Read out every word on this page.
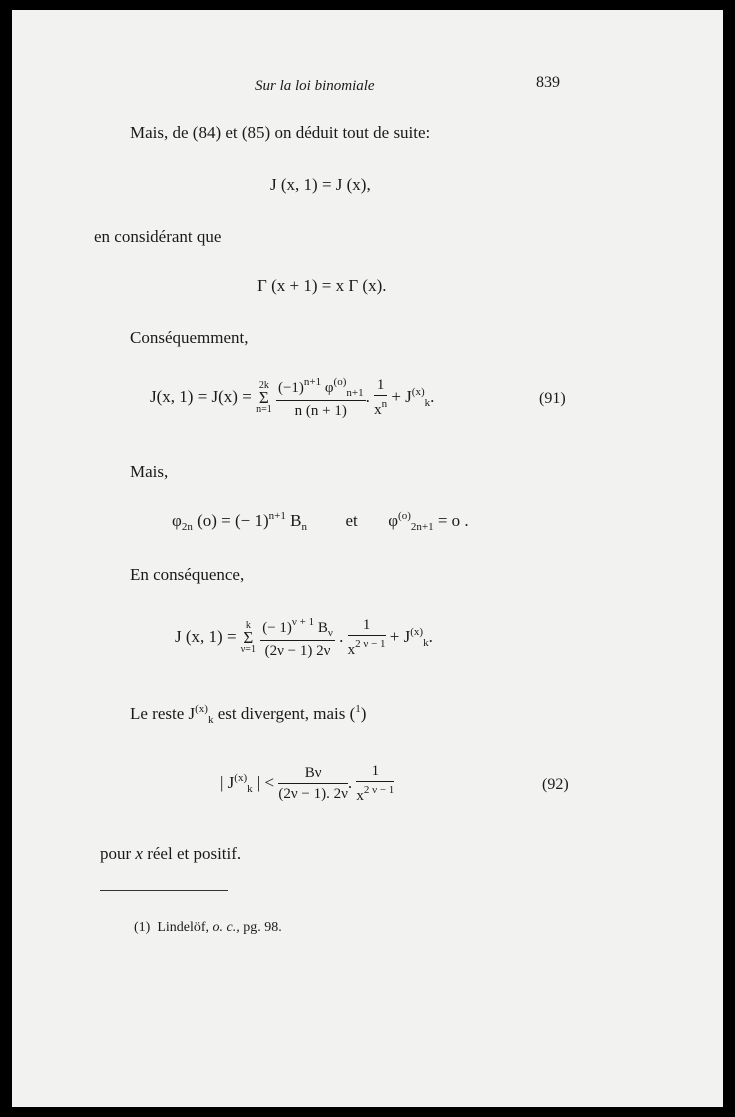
Sur la loi binomiale	839
Mais, de (84) et (85) on déduit tout de suite:
J (x, 1) = J (x),
en considérant que
Γ (x + 1) = x Γ (x).
Conséquemment,
J(x, 1) = J(x) =
2k
Σ
n=1
$\frac{(-1)^{n+1} \varphi^{(o)}_{n+1}}{n (n + 1)}$ . $\frac{1}{x^n} + J^{(x)}_k$.	(91)
Mais,
$\varphi_{2n}$ (o) = (− 1)$^{n+1}$ $B_n$ et $\varphi^{(o)}_{2n+1} = o$ .
En conséquence,
J (x, 1) =
k
Σ
ν=1
$\frac{(- 1)^{\nu + 1} B_\nu}{(2\nu - 1) 2\nu}$ . $\frac{1}{x^{2 \nu - 1}} + J^{(x)}_k$.
Le reste $J^{(x)}_k$ est divergent, mais ($^1$)
| $J^{(x)}_k$ | < $\frac{B\nu}{(2\nu - 1). 2\nu}$ . $\frac{1}{x^{2 \nu - 1}}$	(92)
pour x réel et positif.
(1) Lindelöf, o. c., pg. 98.
